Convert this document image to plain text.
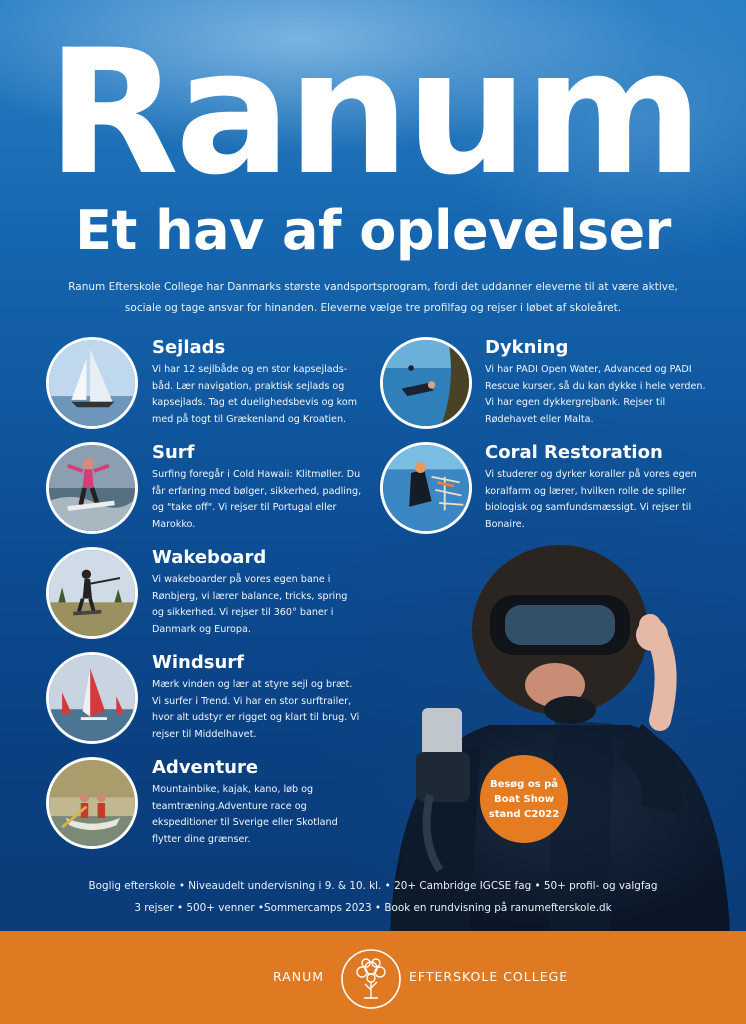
Ranum
Et hav af oplevelser
Ranum Efterskole College har Danmarks største vandsportsprogram, fordi det uddanner eleverne til at være aktive, sociale og tage ansvar for hinanden. Eleverne vælge tre profilfag og rejser i løbet af skoleåret.
Sejlads

Vi har 12 sejlbåde og en stor kapsejlads-båd. Lær navigation, praktisk sejlads og kapsejlads. Tag et duelighedsbevis og kom med på togt til Grækenland og Kroatien.

Surf

Surfing foregår i Cold Hawaii: Klitmøller. Du får erfaring med bølger, sikkerhed, padling, og "take off". Vi rejser til Portugal eller Marokko.

Wakeboard

Vi wakeboarder på vores egen bane i Rønbjerg, vi lærer balance, tricks, spring og sikkerhed. Vi rejser til 360° baner i Danmark og Europa.

Windsurf

Mærk vinden og lær at styre sejl og bræt. Vi surfer i Trend. Vi har en stor surftrailer, hvor alt udstyr er rigget og klart til brug. Vi rejser til Middelhavet.

Adventure

Mountainbike, kajak, kano, løb og teamtræning.Adventure race og ekspeditioner til Sverige eller Skotland flytter dine grænser.

Dykning

Vi har PADI Open Water, Advanced og PADI Rescue kurser, så du kan dykke i hele verden. Vi har egen dykkergrejbank. Rejser til Rødehavet eller Malta.

Coral Restoration

Vi studerer og dyrker koraller på vores egen koralfarm og lærer, hvilken rolle de spiller biologisk og samfundsmæssigt. Vi rejser til Bonaire.

Besøg os på
Boat Show
stand C2022
Boglig efterskole • Niveaudelt undervisning i 9. & 10. kl. • 20+ Cambridge IGCSE fag • 50+ profil- og valgfag
3 rejser • 500+ venner •Sommercamps 2023 • Book en rundvisning på ranumefterskole.dk
RANUM	EFTERSKOLE COLLEGE
